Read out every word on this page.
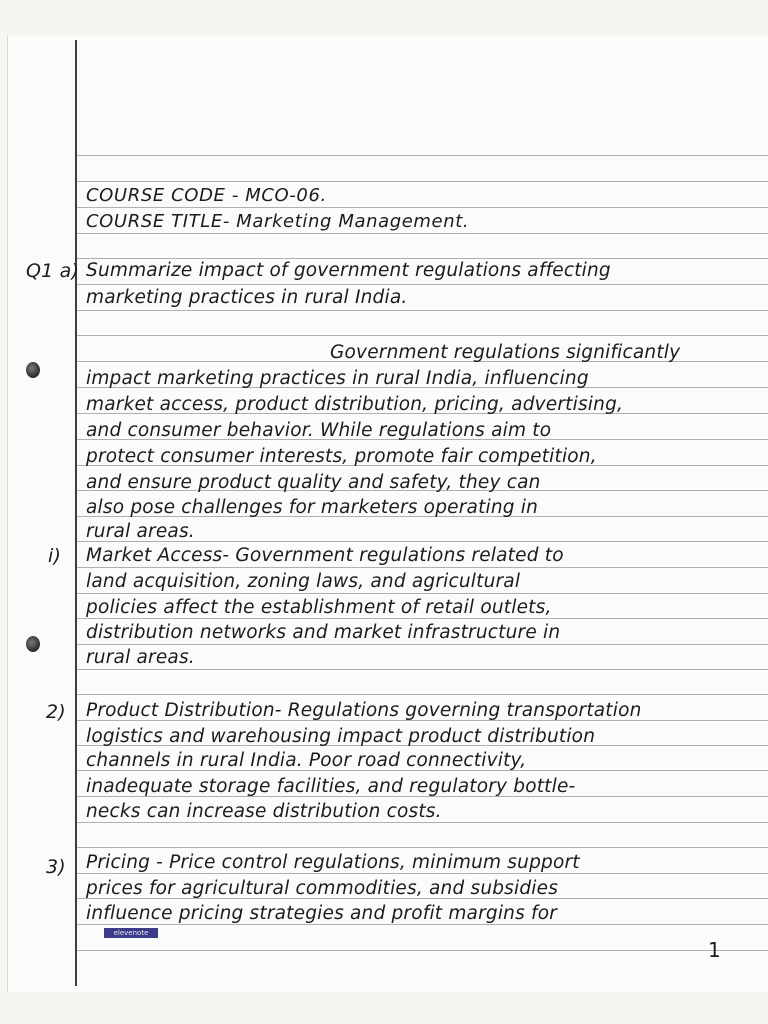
COURSE CODE - MCO-06.
COURSE TITLE- Marketing Management.
Q1 a) Summarize impact of government regulations affecting
marketing practices in rural India.
Government regulations significantly
impact marketing practices in rural India, influencing
market access, product distribution, pricing, advertising,
and consumer behavior. While regulations aim to
protect consumer interests, promote fair competition,
and ensure product quality and safety, they can
also pose challenges for marketers operating in
rural areas.
i) Market Access- Government regulations related to
land acquisition, zoning laws, and agricultural
policies affect the establishment of retail outlets,
distribution networks and market infrastructure in
rural areas.
2) Product Distribution- Regulations governing transportation
logistics and warehousing impact product distribution
channels in rural India. Poor road connectivity,
inadequate storage facilities, and regulatory bottle-
necks can increase distribution costs.
3) Pricing - Price control regulations, minimum support
prices for agricultural commodities, and subsidies
influence pricing strategies and profit margins for
elevenote
1
